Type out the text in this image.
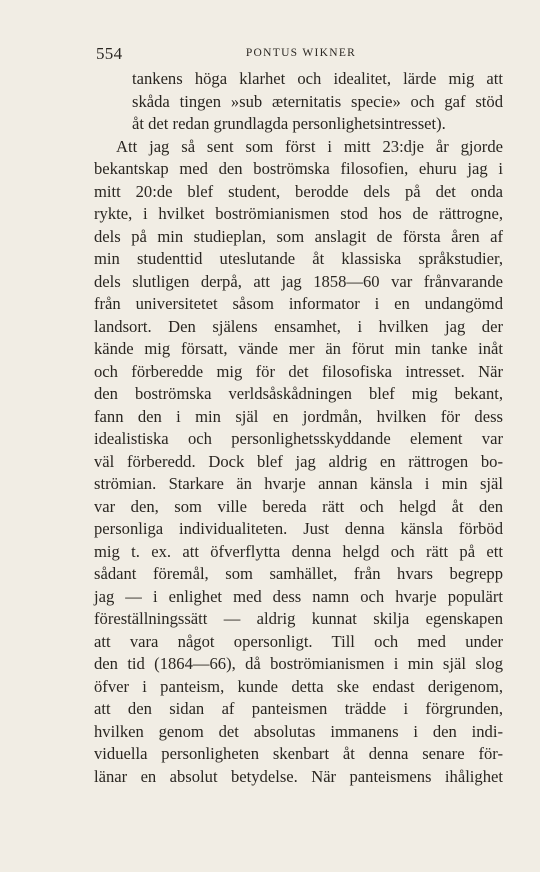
554	PONTUS WIKNER
tankens höga klarhet och idealitet, lärde mig att
skåda tingen »sub æternitatis specie» och gaf stöd
åt det redan grundlagda personlighetsintresset).
Att jag så sent som först i mitt 23:dje år gjorde
bekantskap med den boströmska filosofien, ehuru jag i
mitt 20:de blef student, berodde dels på det onda
rykte, i hvilket boströmianismen stod hos de rättrogne,
dels på min studieplan, som anslagit de första åren af
min studenttid uteslutande åt klassiska språkstudier,
dels slutligen derpå, att jag 1858—60 var frånvarande
från universitetet såsom informator i en undangömd
landsort. Den själens ensamhet, i hvilken jag der
kände mig försatt, vände mer än förut min tanke inåt
och förberedde mig för det filosofiska intresset. När
den boströmska verldsåskådningen blef mig bekant,
fann den i min själ en jordmån, hvilken för dess
idealistiska och personlighetsskyddande element var
väl förberedd. Dock blef jag aldrig en rättrogen bo-
strömian. Starkare än hvarje annan känsla i min själ
var den, som ville bereda rätt och helgd åt den
personliga individualiteten. Just denna känsla förböd
mig t. ex. att öfverflytta denna helgd och rätt på ett
sådant föremål, som samhället, från hvars begrepp
jag — i enlighet med dess namn och hvarje populärt
föreställningssätt — aldrig kunnat skilja egenskapen
att vara något opersonligt. Till och med under
den tid (1864—66), då boströmianismen i min själ slog
öfver i panteism, kunde detta ske endast derigenom,
att den sidan af panteismen trädde i förgrunden,
hvilken genom det absolutas immanens i den indi-
viduella personligheten skenbart åt denna senare för-
länar en absolut betydelse. När panteismens ihålighet
